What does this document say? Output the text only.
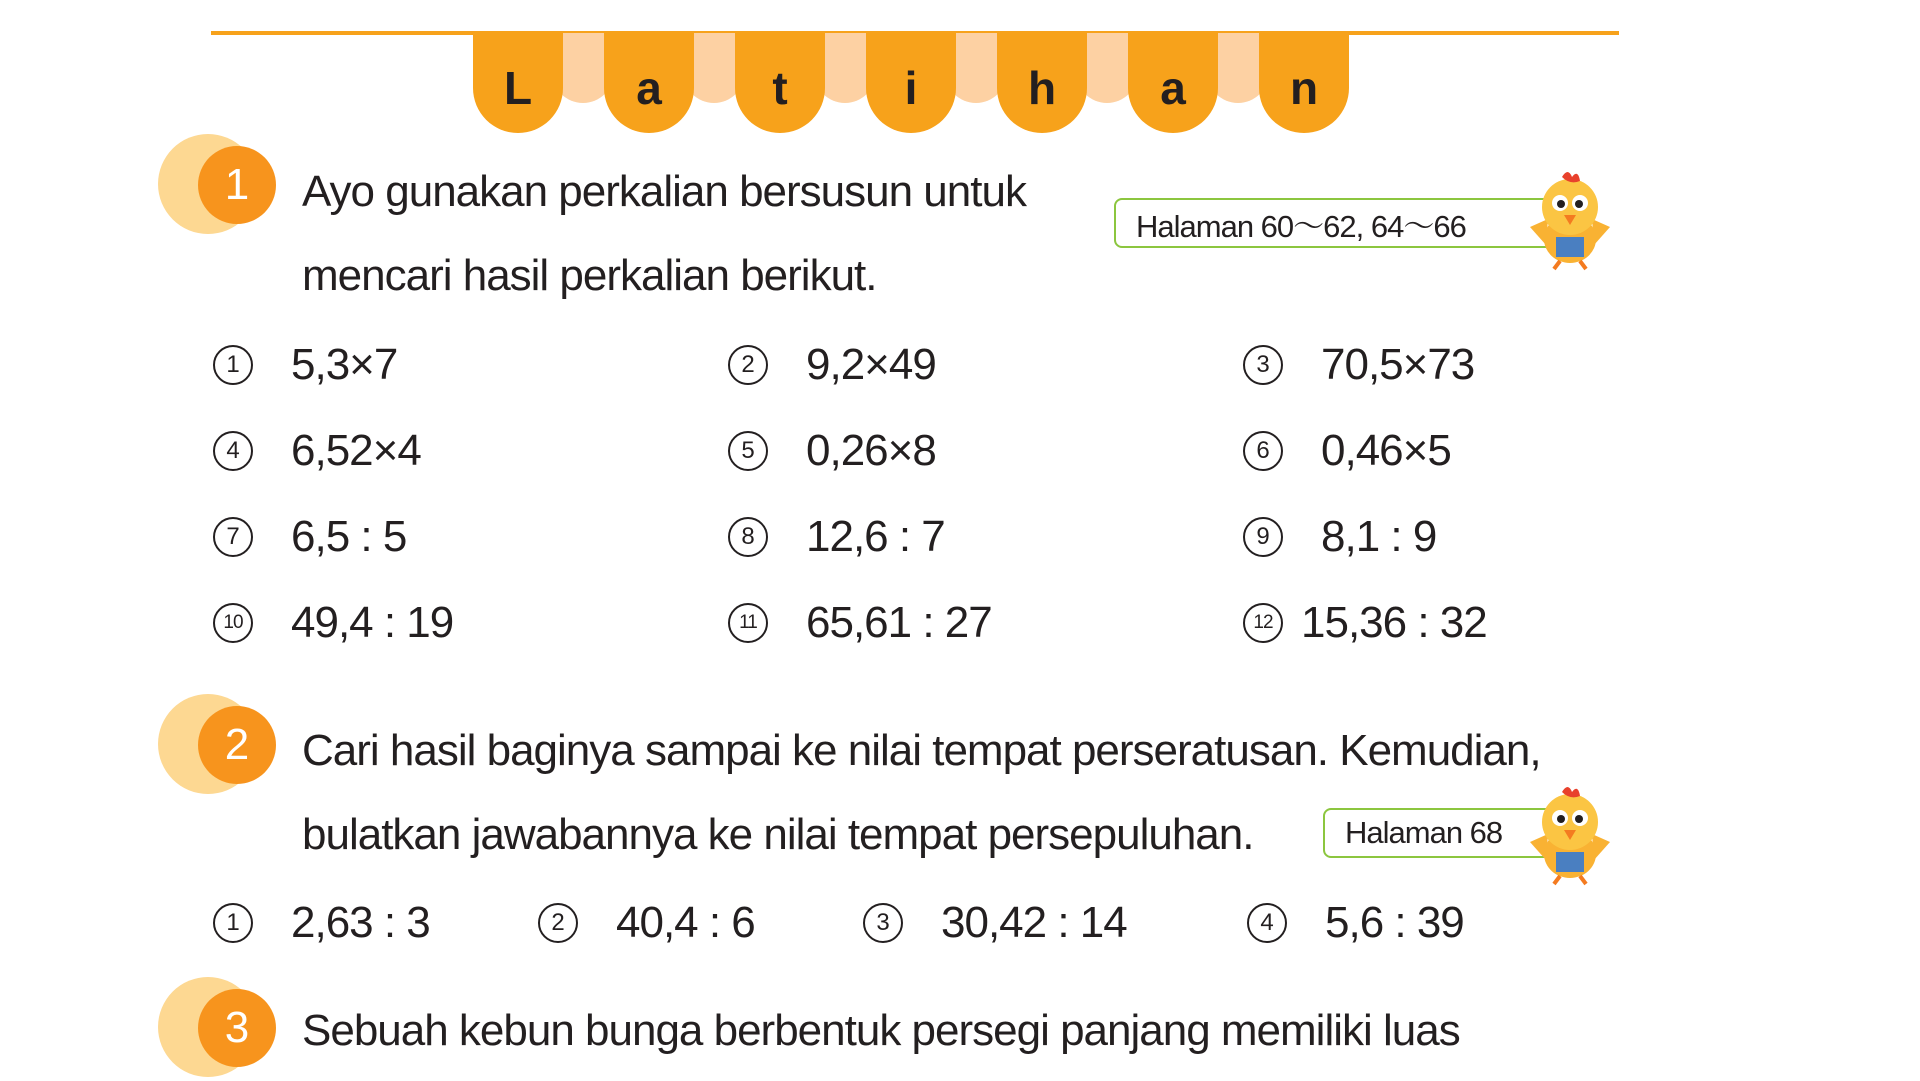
L a t	i h a n
1	Ayo gunakan perkalian bersusun untuk
mencari hasil perkalian berikut.
Halaman 60〜62, 64〜66
1	5,3×7	2	9,2×49	3	70,5×73
4	6,52×4	5	0,26×8	6	0,46×5
7	6,5 : 5	8	12,6 : 7	9	8,1 : 9
10 49,4 : 19	11 65,61 : 27	12 15,36 : 32
2	Cari hasil baginya sampai ke nilai tempat perseratusan. Kemudian,
bulatkan jawabannya ke nilai tempat persepuluhan.	Halaman 68
1	2,63 : 3	2	40,4 : 6	3	30,42 : 14	4	5,6 : 39
3	Sebuah kebun bunga berbentuk persegi panjang memiliki luas
